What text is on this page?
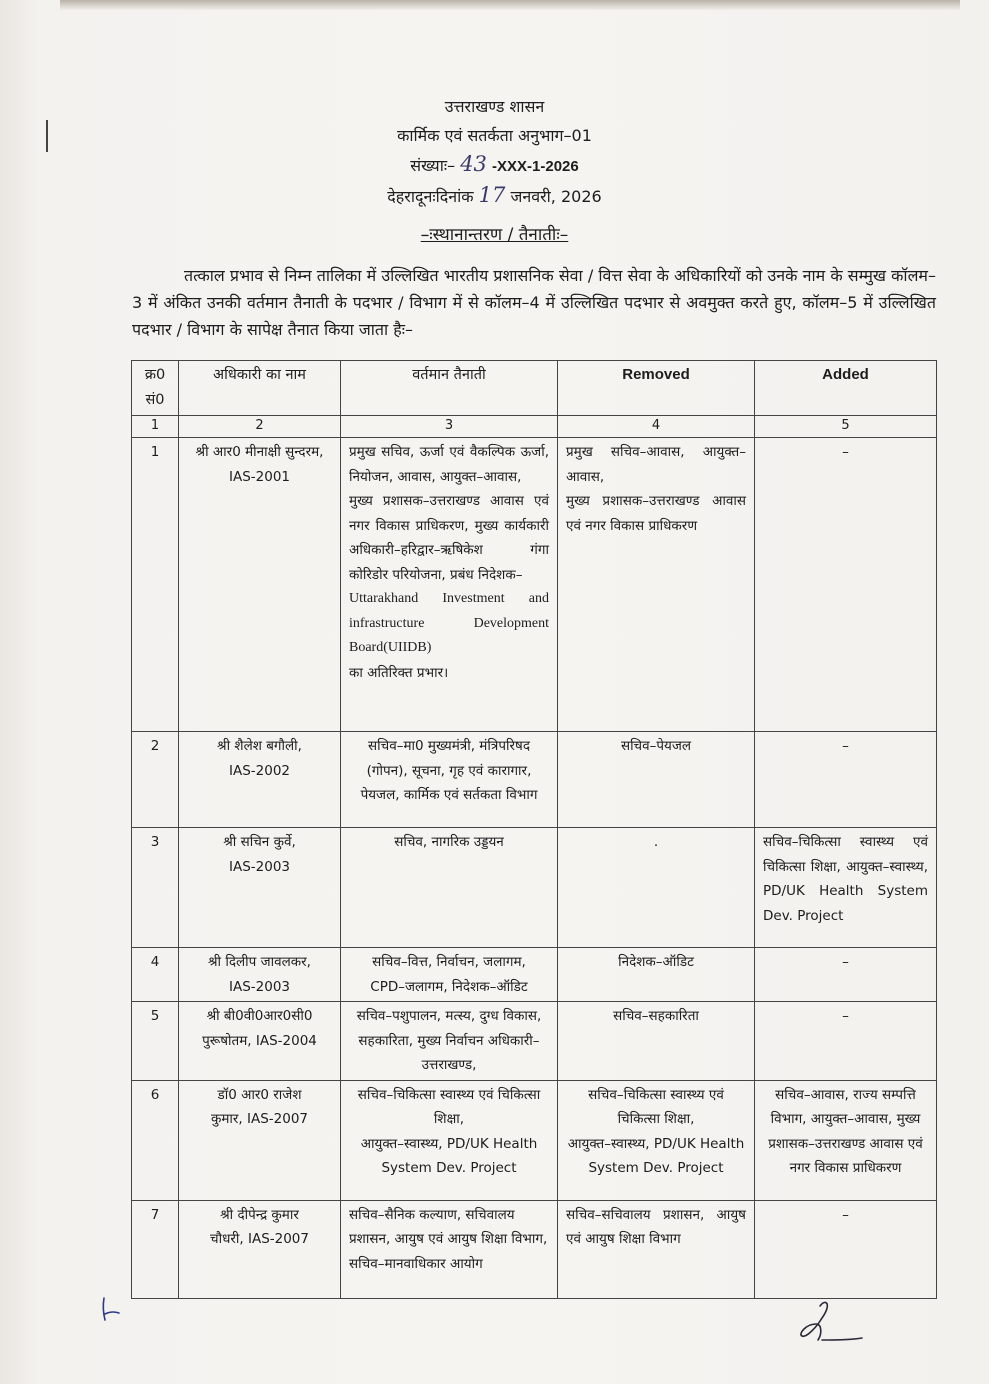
उत्तराखण्ड शासन
कार्मिक एवं सतर्कता अनुभाग–01
संख्याः– 43 -XXX-1-2026
देहरादूनःदिनांक 17 जनवरी, 2026
–ःस्थानान्तरण / तैनातीः–
तत्काल प्रभाव से निम्न तालिका में उल्लिखित भारतीय प्रशासनिक सेवा / वित्त सेवा के अधिकारियों को उनके नाम के सम्मुख कॉलम–3 में अंकित उनकी वर्तमान तैनाती के पदभार / विभाग में से कॉलम–4 में उल्लिखित पदभार से अवमुक्त करते हुए, कॉलम–5 में उल्लिखित पदभार / विभाग के सापेक्ष तैनात किया जाता हैः–
क्र0 सं0	अधिकारी का नाम	वर्तमान तैनाती	Removed	Added
1	2	3	4	5
1	श्री आर0 मीनाक्षी सुन्दरम,
IAS-2001	प्रमुख सचिव, ऊर्जा एवं वैकल्पिक ऊर्जा, नियोजन, आवास, आयुक्त–आवास,
मुख्य प्रशासक–उत्तराखण्ड आवास एवं नगर विकास प्राधिकरण, मुख्य कार्यकारी अधिकारी–हरिद्वार–ऋषिकेश गंगा कोरिडोर परियोजना, प्रबंध निदेशक–
Uttarakhand Investment and infrastructure Development Board(UIIDB)
का अतिरिक्त प्रभार।	प्रमुख सचिव–आवास, आयुक्त–आवास,
मुख्य प्रशासक–उत्तराखण्ड आवास एवं नगर विकास प्राधिकरण	–
2	श्री शैलेश बगौली,
IAS-2002	सचिव–मा0 मुख्यमंत्री, मंत्रिपरिषद (गोपन), सूचना, गृह एवं कारागार, पेयजल, कार्मिक एवं सर्तकता विभाग	सचिव–पेयजल	–
3	श्री सचिन कुर्वे,
IAS-2003	सचिव, नागरिक उड्डयन	.	सचिव–चिकित्सा स्वास्थ्य एवं चिकित्सा शिक्षा, आयुक्त–स्वास्थ्य, PD/UK Health System Dev. Project
4	श्री दिलीप जावलकर,
IAS-2003	सचिव–वित्त, निर्वाचन, जलागम,
CPD–जलागम, निदेशक–ऑडिट	निदेशक–ऑडिट	–
5	श्री बी0वी0आर0सी0
पुरूषोतम, IAS-2004	सचिव–पशुपालन, मत्स्य, दुग्ध विकास, सहकारिता, मुख्य निर्वाचन अधिकारी– उत्तराखण्ड,	सचिव–सहकारिता	–
6	डॉ0 आर0 राजेश
कुमार, IAS-2007	सचिव–चिकित्सा स्वास्थ्य एवं चिकित्सा शिक्षा,
आयुक्त–स्वास्थ्य, PD/UK Health System Dev. Project	सचिव–चिकित्सा स्वास्थ्य एवं चिकित्सा शिक्षा,
आयुक्त–स्वास्थ्य, PD/UK Health System Dev. Project	सचिव–आवास, राज्य सम्पत्ति विभाग, आयुक्त–आवास, मुख्य प्रशासक–उत्तराखण्ड आवास एवं नगर विकास प्राधिकरण
7	श्री दीपेन्द्र कुमार
चौधरी, IAS-2007	सचिव–सैनिक कल्याण, सचिवालय प्रशासन, आयुष एवं आयुष शिक्षा विभाग,
सचिव–मानवाधिकार आयोग	सचिव–सचिवालय प्रशासन, आयुष एवं आयुष शिक्षा विभाग	–
